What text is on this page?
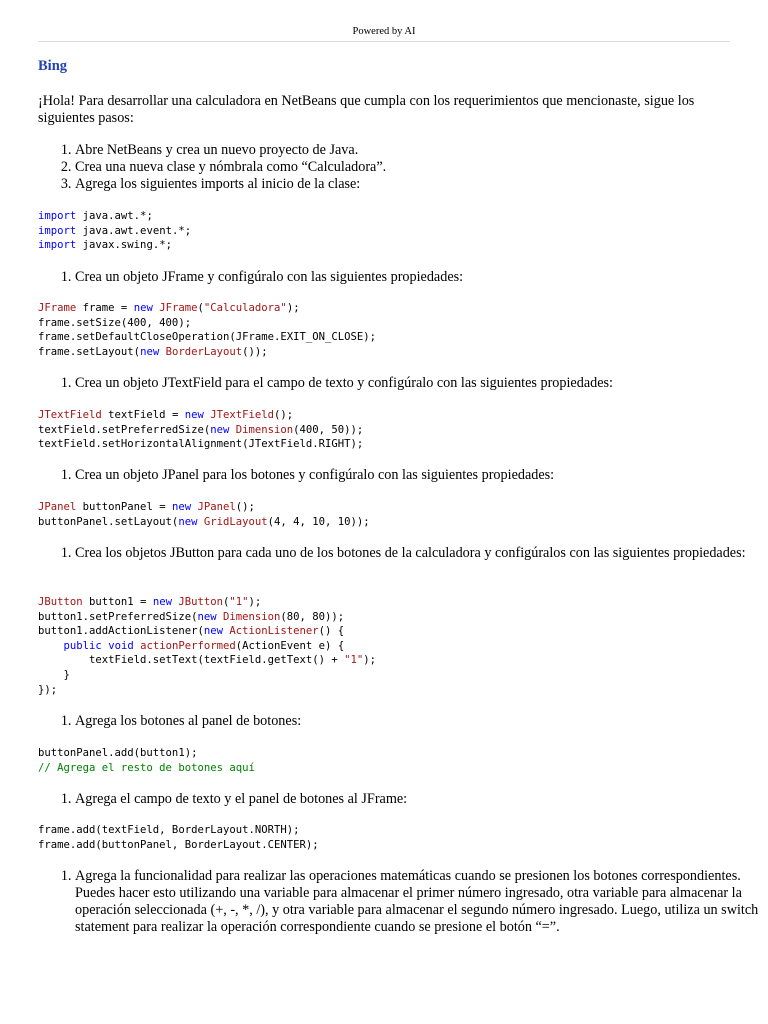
Powered by AI
Bing

¡Hola! Para desarrollar una calculadora en NetBeans que cumpla con los requerimientos que mencionaste, sigue los siguientes pasos:

1. Abre NetBeans y crea un nuevo proyecto de Java.
2. Crea una nueva clase y nómbrala como “Calculadora”.
3. Agrega los siguientes imports al inicio de la clase:
import java.awt.*;
import java.awt.event.*;
import javax.swing.*;
1. Crea un objeto JFrame y configúralo con las siguientes propiedades:
JFrame frame = new JFrame("Calculadora");
frame.setSize(400, 400);
frame.setDefaultCloseOperation(JFrame.EXIT_ON_CLOSE);
frame.setLayout(new BorderLayout());
1. Crea un objeto JTextField para el campo de texto y configúralo con las siguientes propiedades:
JTextField textField = new JTextField();
textField.setPreferredSize(new Dimension(400, 50));
textField.setHorizontalAlignment(JTextField.RIGHT);
1. Crea un objeto JPanel para los botones y configúralo con las siguientes propiedades:
JPanel buttonPanel = new JPanel();
buttonPanel.setLayout(new GridLayout(4, 4, 10, 10));
1. Crea los objetos JButton para cada uno de los botones de la calculadora y configúralos con las siguientes propiedades:
JButton button1 = new JButton("1");
button1.setPreferredSize(new Dimension(80, 80));
button1.addActionListener(new ActionListener() {
public void actionPerformed(ActionEvent e) {
textField.setText(textField.getText() + "1");
}
});
1. Agrega los botones al panel de botones:
buttonPanel.add(button1);
// Agrega el resto de botones aquí
1. Agrega el campo de texto y el panel de botones al JFrame:
frame.add(textField, BorderLayout.NORTH);
frame.add(buttonPanel, BorderLayout.CENTER);
1. Agrega la funcionalidad para realizar las operaciones matemáticas cuando se presionen los botones correspondientes. Puedes hacer esto utilizando una variable para almacenar el primer número ingresado, otra variable para almacenar la operación seleccionada (+, -, *, /), y otra variable para almacenar el segundo número ingresado. Luego, utiliza un switch statement para realizar la operación correspondiente cuando se presione el botón “=”.
